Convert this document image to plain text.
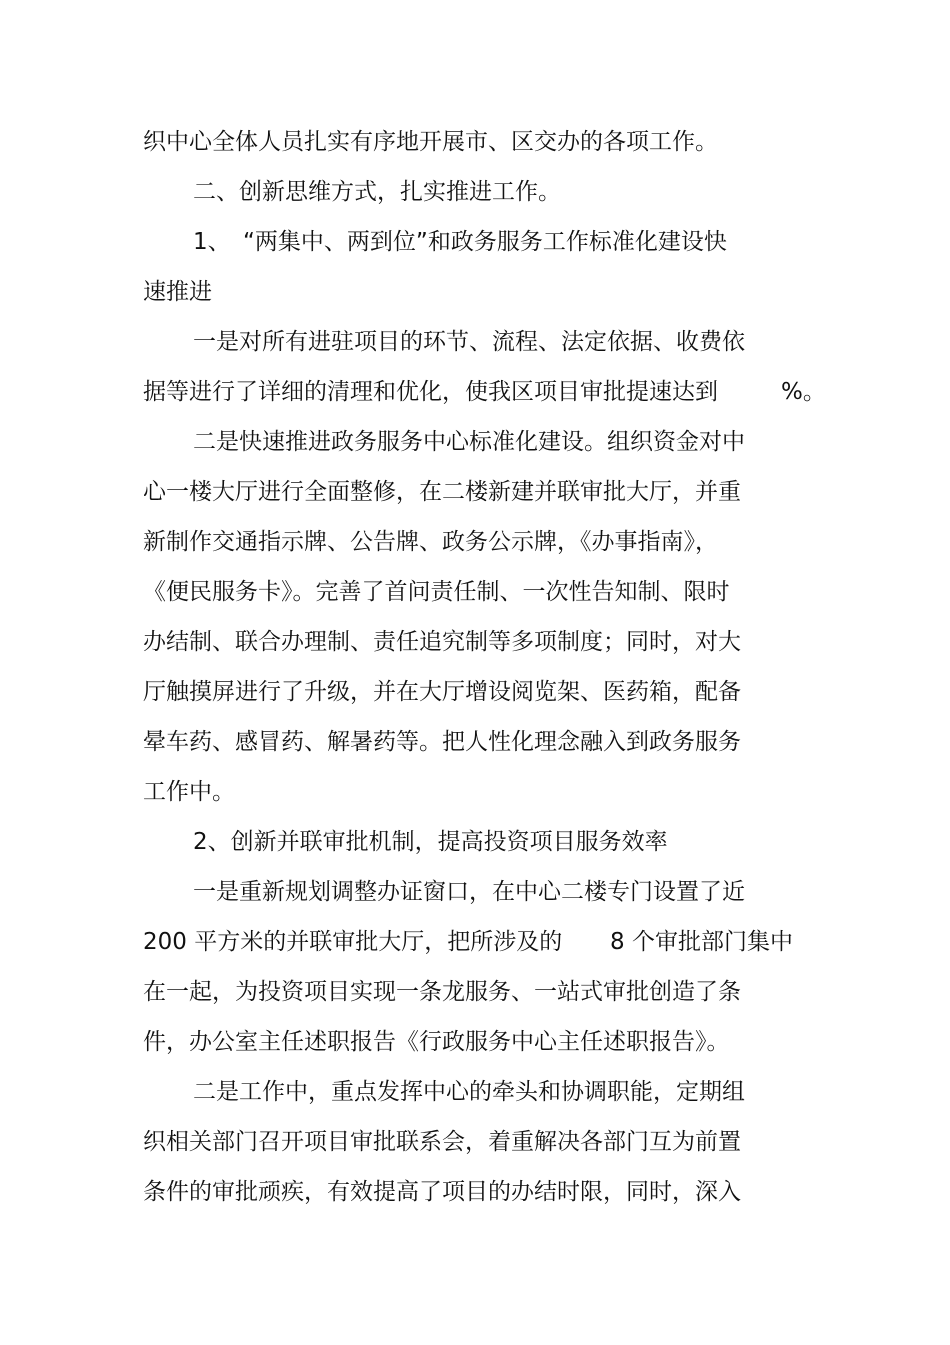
织中心全体人员扎实有序地开展市、区交办的各项工作。
二、创新思维方式，扎实推进工作。
1、 “两集中、两到位”和政务服务工作标准化建设快
速推进
一是对所有进驻项目的环节、流程、法定依据、收费依
据等进行了详细的清理和优化，使我区项目审批提速达到	%。
二是快速推进政务服务中心标准化建设。组织资金对中
心一楼大厅进行全面整修，在二楼新建并联审批大厅，并重
新制作交通指示牌、公告牌、政务公示牌，《办事指南》，
《便民服务卡》。完善了首问责任制、一次性告知制、限时
办结制、联合办理制、责任追究制等多项制度；同时，对大
厅触摸屏进行了升级，并在大厅增设阅览架、医药箱，配备
晕车药、感冒药、解暑药等。把人性化理念融入到政务服务
工作中。
2、创新并联审批机制，提高投资项目服务效率
一是重新规划调整办证窗口，在中心二楼专门设置了近
200 平方米的并联审批大厅，把所涉及的 8 个审批部门集中
在一起，为投资项目实现一条龙服务、一站式审批创造了条
件，办公室主任述职报告《行政服务中心主任述职报告》。
二是工作中，重点发挥中心的牵头和协调职能，定期组
织相关部门召开项目审批联系会，着重解决各部门互为前置
条件的审批顽疾，有效提高了项目的办结时限，同时，深入
